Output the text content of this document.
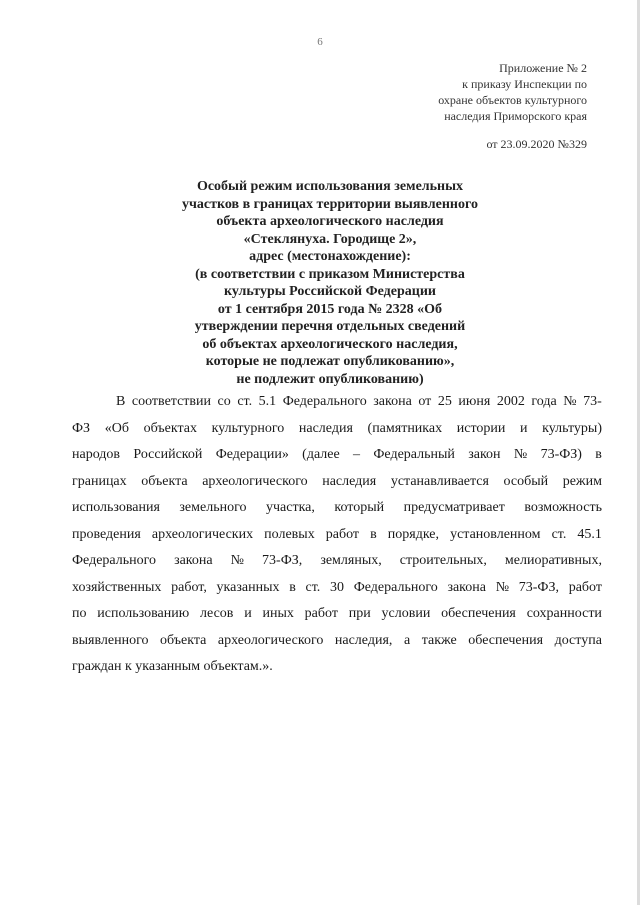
6
Приложение № 2
к приказу Инспекции по
охране объектов культурного
наследия Приморского края
от 23.09.2020 №329
Особый режим использования земельных
участков в границах территории выявленного
объекта археологического наследия
«Стеклянуха. Городище 2»,
адрес (местонахождение):
(в соответствии с приказом Министерства
культуры Российской Федерации
от 1 сентября 2015 года № 2328 «Об
утверждении перечня отдельных сведений
об объектах археологического наследия,
которые не подлежат опубликованию»,
не подлежит опубликованию)
В соответствии со ст. 5.1 Федерального закона от 25 июня 2002 года № 73-
ФЗ «Об объектах культурного наследия (памятниках истории и культуры)
народов Российской Федерации» (далее – Федеральный закон № 73-ФЗ) в
границах объекта археологического наследия устанавливается особый режим
использования земельного участка, который предусматривает возможность
проведения археологических полевых работ в порядке, установленном ст. 45.1
Федерального закона № 73-ФЗ, земляных, строительных, мелиоративных,
хозяйственных работ, указанных в ст. 30 Федерального закона № 73-ФЗ, работ
по использованию лесов и иных работ при условии обеспечения сохранности
выявленного объекта археологического наследия, а также обеспечения доступа
граждан к указанным объектам.».
